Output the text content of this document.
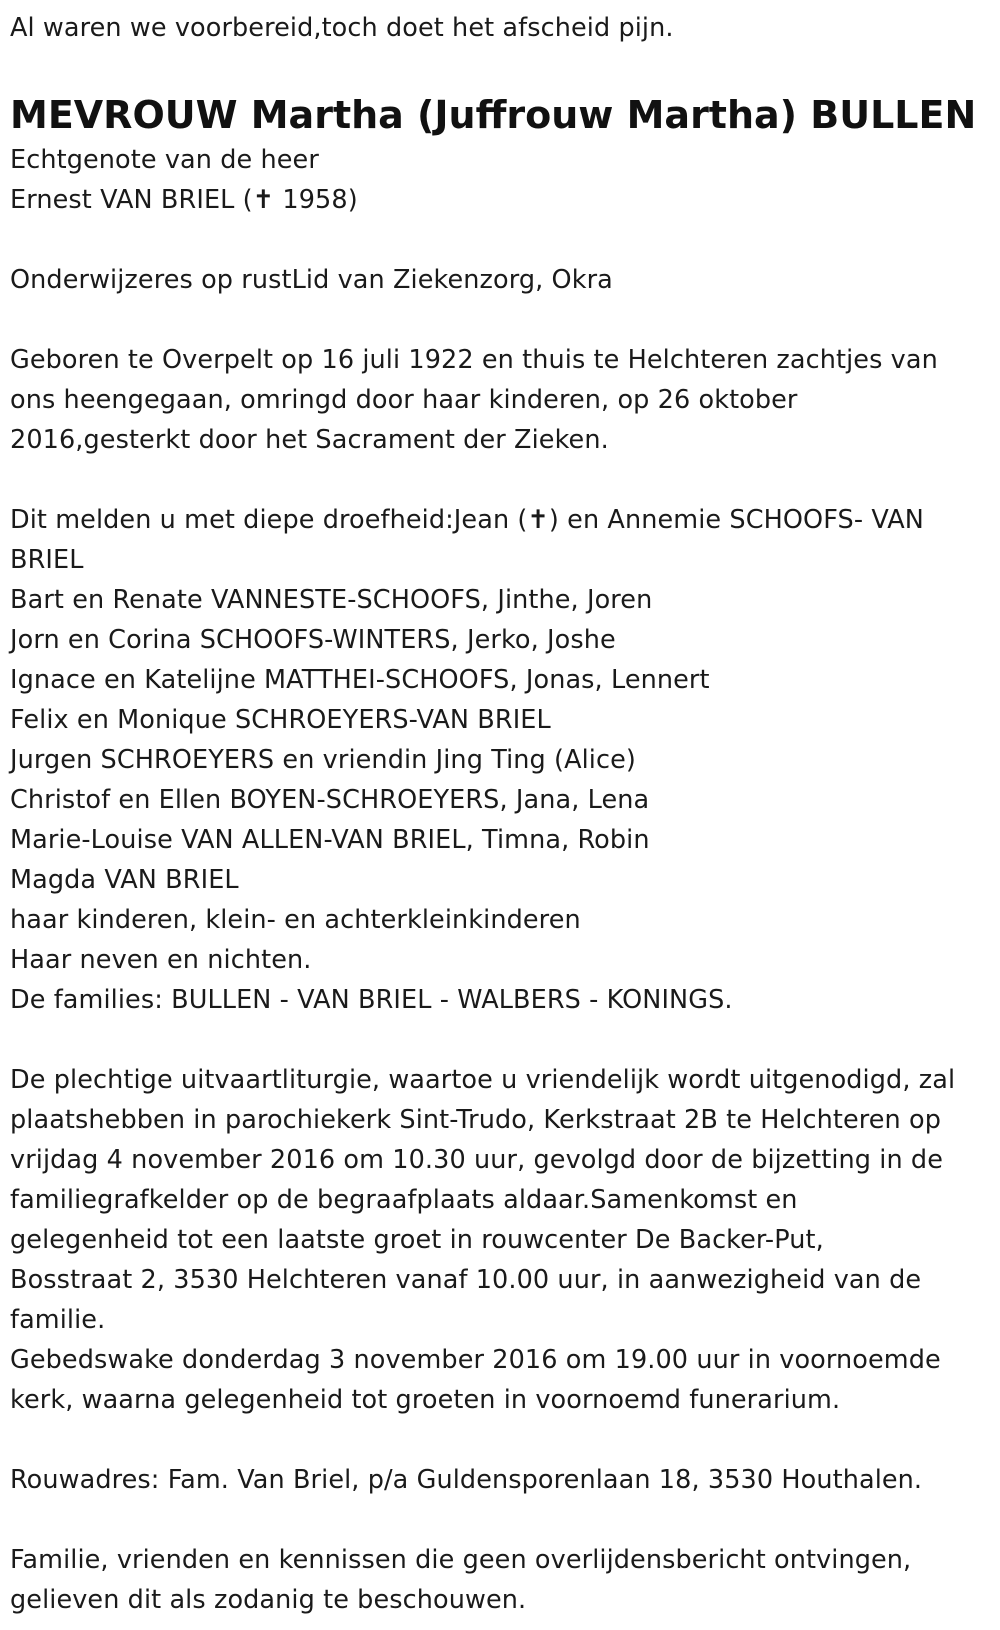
Al waren we voorbereid,toch doet het afscheid pijn.
MEVROUW Martha (Juffrouw Martha) BULLEN
Echtgenote van de heer
Ernest VAN BRIEL (✝ 1958)
Onderwijzeres op rustLid van Ziekenzorg, Okra
Geboren te Overpelt op 16 juli 1922 en thuis te Helchteren zachtjes van
ons heengegaan, omringd door haar kinderen, op 26 oktober
2016,gesterkt door het Sacrament der Zieken.
Dit melden u met diepe droefheid:Jean (✝) en Annemie SCHOOFS- VAN
BRIEL
Bart en Renate VANNESTE-SCHOOFS, Jinthe, Joren
Jorn en Corina SCHOOFS-WINTERS, Jerko, Joshe
Ignace en Katelijne MATTHEI-SCHOOFS, Jonas, Lennert
Felix en Monique SCHROEYERS-VAN BRIEL
Jurgen SCHROEYERS en vriendin Jing Ting (Alice)
Christof en Ellen BOYEN-SCHROEYERS, Jana, Lena
Marie-Louise VAN ALLEN-VAN BRIEL, Timna, Robin
Magda VAN BRIEL
haar kinderen, klein- en achterkleinkinderen
Haar neven en nichten.
De families: BULLEN - VAN BRIEL - WALBERS - KONINGS.
De plechtige uitvaartliturgie, waartoe u vriendelijk wordt uitgenodigd, zal
plaatshebben in parochiekerk Sint-Trudo, Kerkstraat 2B te Helchteren op
vrijdag 4 november 2016 om 10.30 uur, gevolgd door de bijzetting in de
familiegrafkelder op de begraafplaats aldaar.Samenkomst en
gelegenheid tot een laatste groet in rouwcenter De Backer-Put,
Bosstraat 2, 3530 Helchteren vanaf 10.00 uur, in aanwezigheid van de
familie.
Gebedswake donderdag 3 november 2016 om 19.00 uur in voornoemde
kerk, waarna gelegenheid tot groeten in voornoemd funerarium.
Rouwadres: Fam. Van Briel, p/a Guldensporenlaan 18, 3530 Houthalen.
Familie, vrienden en kennissen die geen overlijdensbericht ontvingen,
gelieven dit als zodanig te beschouwen.
